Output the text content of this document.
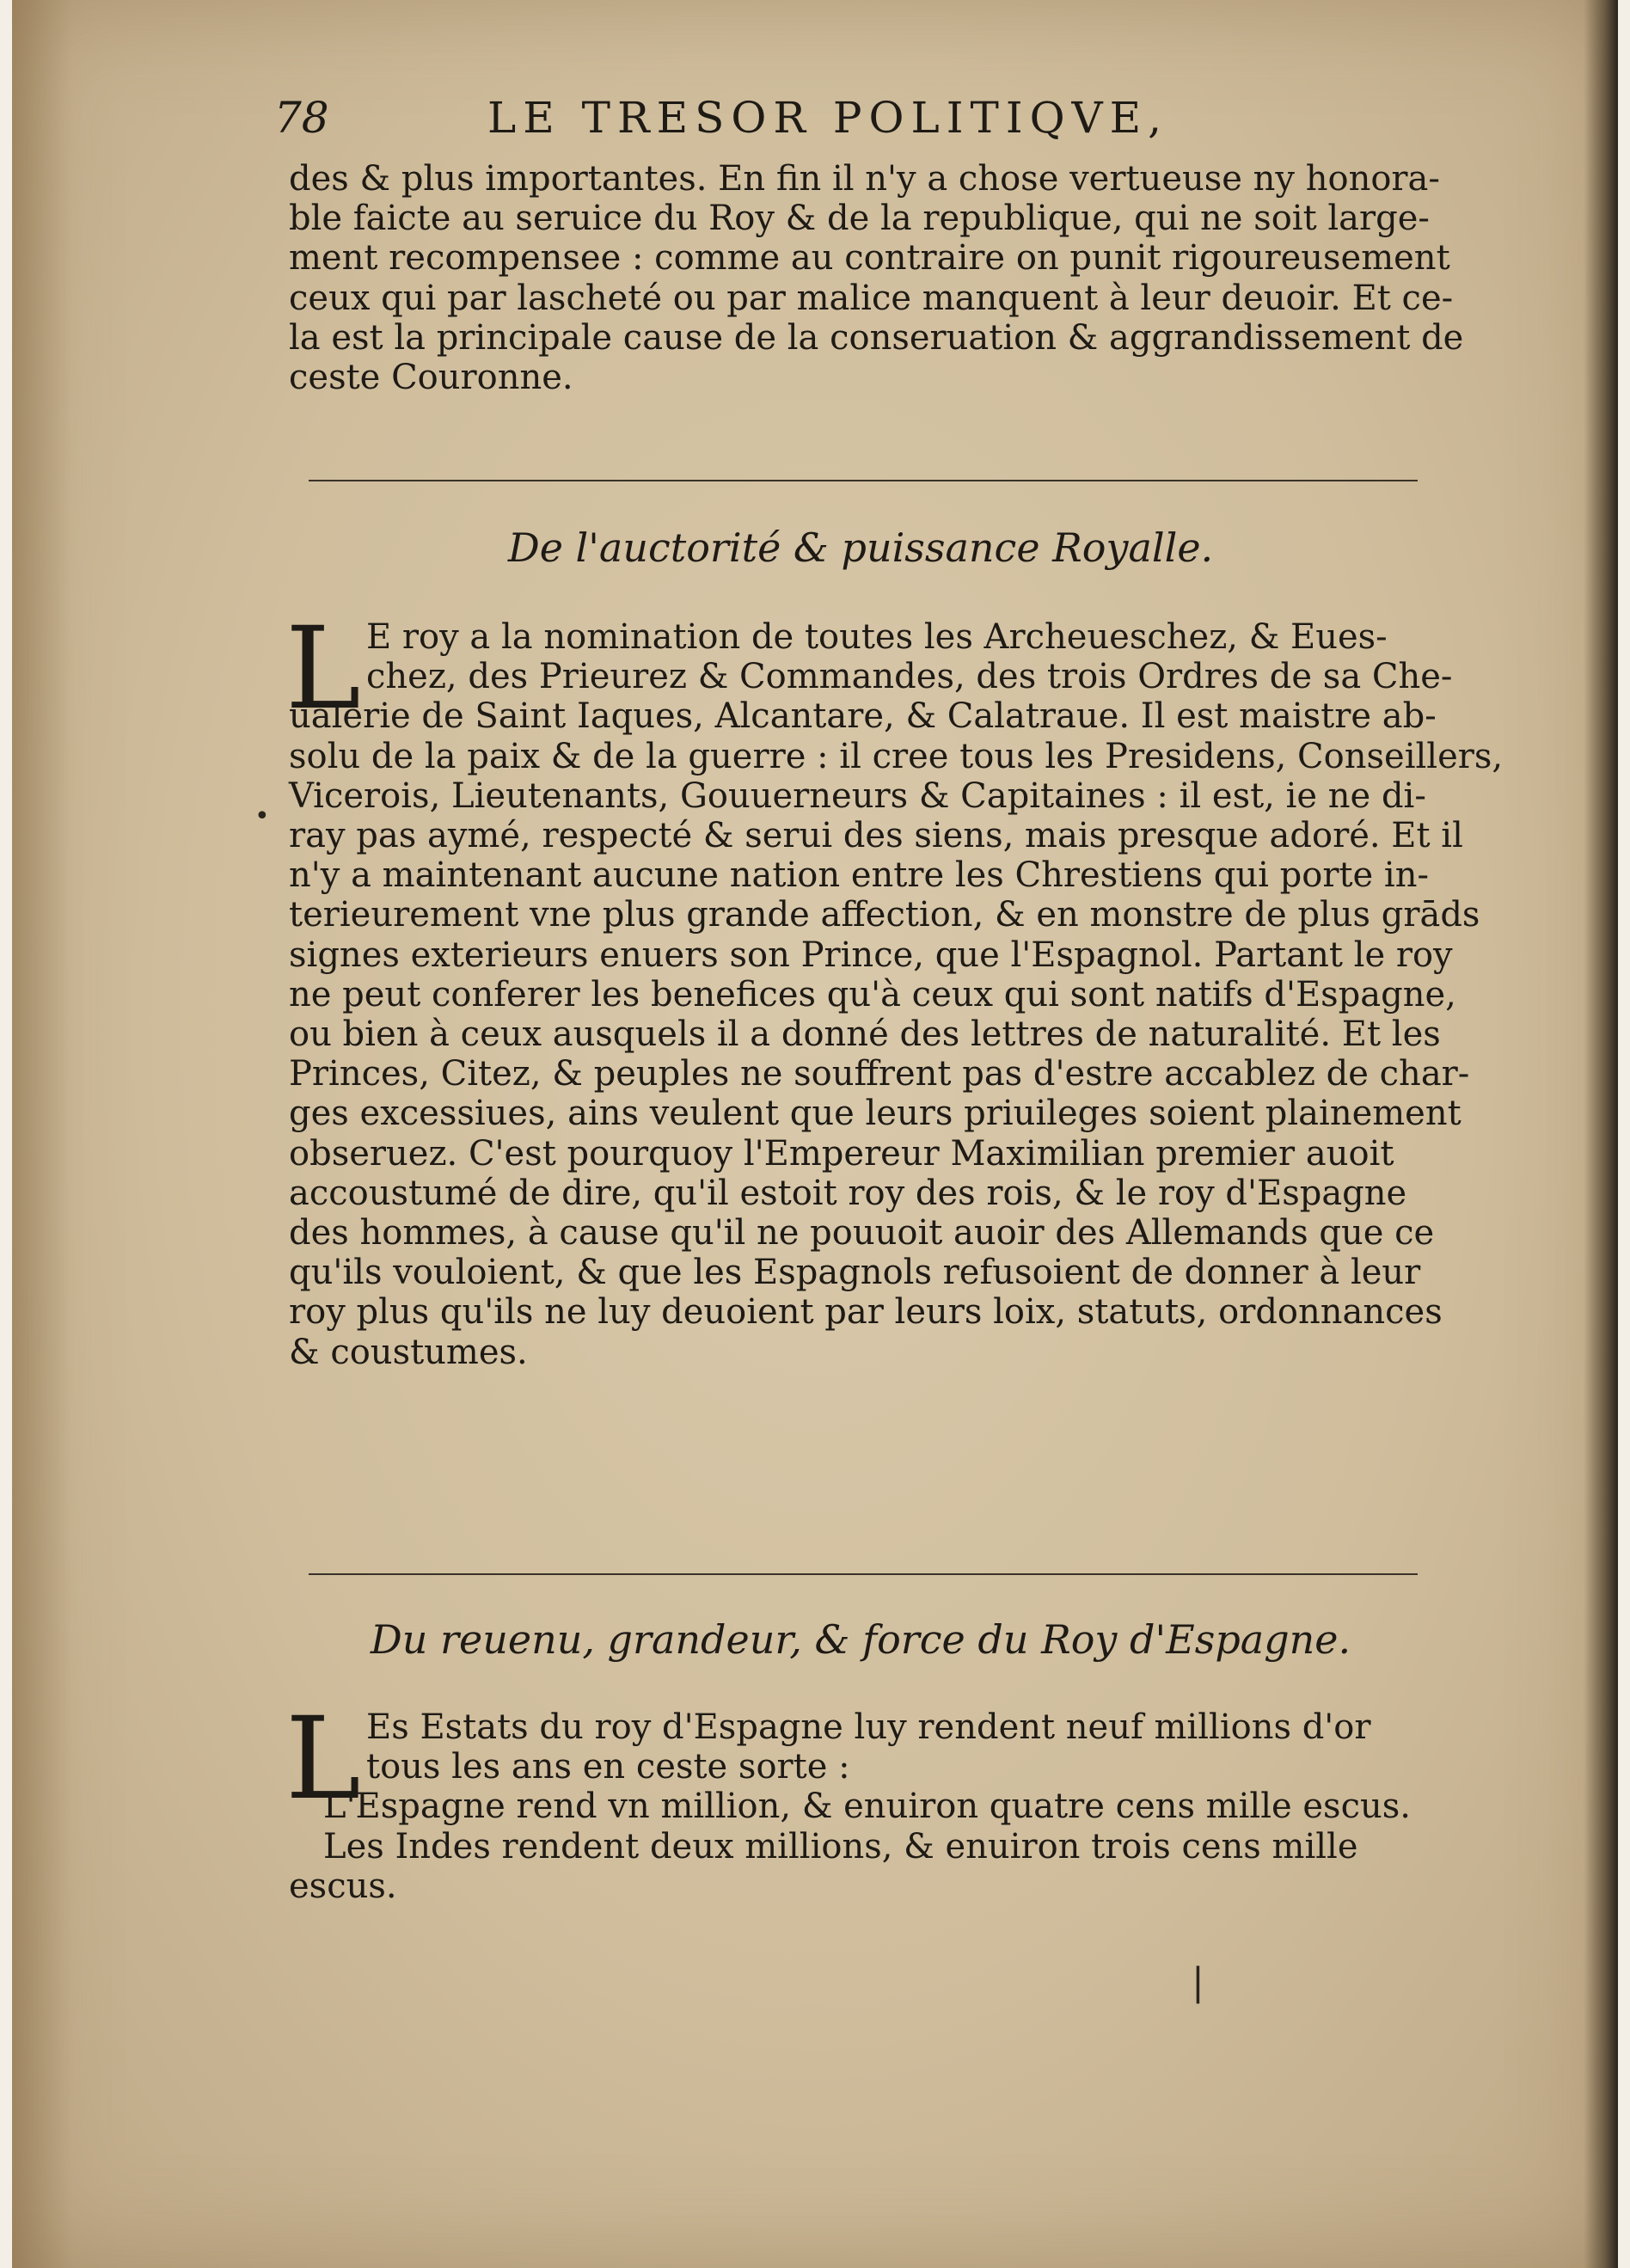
78	LE TRESOR POLITIQVE,
des & plus importantes. En fin il n'y a chose vertueuse ny honora-
ble faicte au seruice du Roy & de la republique, qui ne soit large-
ment recompensee : comme au contraire on punit rigoureusement
ceux qui par lascheté ou par malice manquent à leur deuoir. Et ce-
la est la principale cause de la conseruation & aggrandissement de
ceste Couronne.
De l'auctorité & puissance Royalle.
L E roy a la nomination de toutes les Archeueschez, & Eues-
chez, des Prieurez & Commandes, des trois Ordres de sa Che-
ualerie de Saint Iaques, Alcantare, & Calatraue. Il est maistre ab-
solu de la paix & de la guerre : il cree tous les Presidens, Conseillers,
Vicerois, Lieutenants, Gouuerneurs & Capitaines : il est, ie ne di-
ray pas aymé, respecté & serui des siens, mais presque adoré. Et il
n'y a maintenant aucune nation entre les Chrestiens qui porte in-
terieurement vne plus grande affection, & en monstre de plus grāds
signes exterieurs enuers son Prince, que l'Espagnol. Partant le roy
ne peut conferer les benefices qu'à ceux qui sont natifs d'Espagne,
ou bien à ceux ausquels il a donné des lettres de naturalité. Et les
Princes, Citez, & peuples ne souffrent pas d'estre accablez de char-
ges excessiues, ains veulent que leurs priuileges soient plainement
obseruez. C'est pourquoy l'Empereur Maximilian premier auoit
accoustumé de dire, qu'il estoit roy des rois, & le roy d'Espagne
des hommes, à cause qu'il ne pouuoit auoir des Allemands que ce
qu'ils vouloient, & que les Espagnols refusoient de donner à leur
roy plus qu'ils ne luy deuoient par leurs loix, statuts, ordonnances
& coustumes.
•
Du reuenu, grandeur, & force du Roy d'Espagne.
L Es Estats du roy d'Espagne luy rendent neuf millions d'or
tous les ans en ceste sorte :
L'Espagne rend vn million, & enuiron quatre cens mille escus.
Les Indes rendent deux millions, & enuiron trois cens mille
escus.
|
